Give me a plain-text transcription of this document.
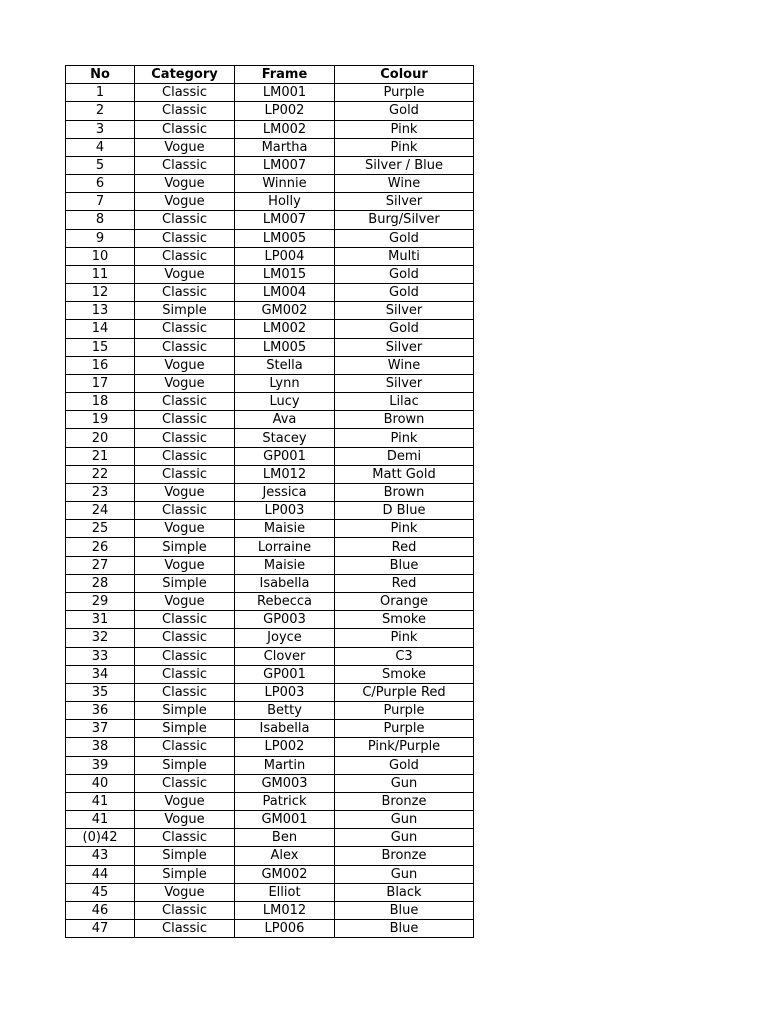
No	Category	Frame	Colour
1	Classic	LM001	Purple
2	Classic	LP002	Gold
3	Classic	LM002	Pink
4	Vogue	Martha	Pink
5	Classic	LM007	Silver / Blue
6	Vogue	Winnie	Wine
7	Vogue	Holly	Silver
8	Classic	LM007	Burg/Silver
9	Classic	LM005	Gold
10	Classic	LP004	Multi
11	Vogue	LM015	Gold
12	Classic	LM004	Gold
13	Simple	GM002	Silver
14	Classic	LM002	Gold
15	Classic	LM005	Silver
16	Vogue	Stella	Wine
17	Vogue	Lynn	Silver
18	Classic	Lucy	Lilac
19	Classic	Ava	Brown
20	Classic	Stacey	Pink
21	Classic	GP001	Demi
22	Classic	LM012	Matt Gold
23	Vogue	Jessica	Brown
24	Classic	LP003	D Blue
25	Vogue	Maisie	Pink
26	Simple	Lorraine	Red
27	Vogue	Maisie	Blue
28	Simple	Isabella	Red
29	Vogue	Rebecca	Orange
31	Classic	GP003	Smoke
32	Classic	Joyce	Pink
33	Classic	Clover	C3
34	Classic	GP001	Smoke
35	Classic	LP003	C/Purple Red
36	Simple	Betty	Purple
37	Simple	Isabella	Purple
38	Classic	LP002	Pink/Purple
39	Simple	Martin	Gold
40	Classic	GM003	Gun
41	Vogue	Patrick	Bronze
41	Vogue	GM001	Gun
(0)42	Classic	Ben	Gun
43	Simple	Alex	Bronze
44	Simple	GM002	Gun
45	Vogue	Elliot	Black
46	Classic	LM012	Blue
47	Classic	LP006	Blue
